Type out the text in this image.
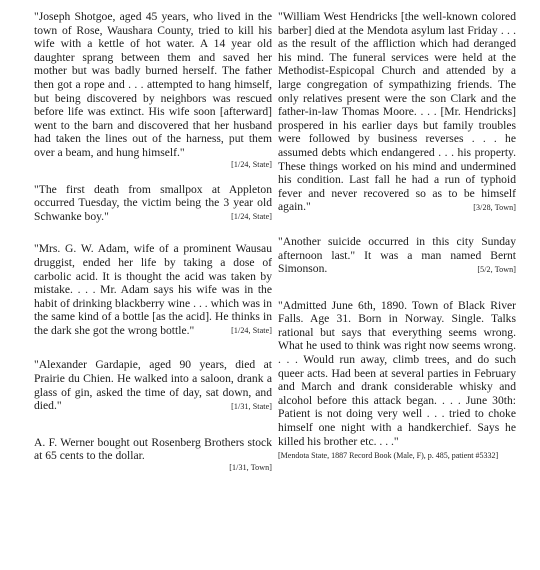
"Joseph Shotgoe, aged 45 years, who lived in the town of Rose, Waushara County, tried to kill his wife with a kettle of hot water. A 14 year old daughter sprang between them and saved her mother but was badly burned herself. The father then got a rope and . . . attempted to hang himself, but being discovered by neighbors was rescued before life was extinct. His wife soon [afterward] went to the barn and discovered that her husband had taken the lines out of the harness, put them over a beam, and hung himself."
[1/24, State]
"The first death from smallpox at Appleton occurred Tuesday, the victim being the 3 year old Schwanke boy."	[1/24, State]
"Mrs. G. W. Adam, wife of a prominent Wausau druggist, ended her life by taking a dose of carbolic acid. It is thought the acid was taken by mistake. . . . Mr. Adam says his wife was in the habit of drinking blackberry wine . . . which was in the same kind of a bottle [as the acid]. He thinks in the dark she got the wrong bottle."	[1/24, State]
"Alexander Gardapie, aged 90 years, died at Prairie du Chien. He walked into a saloon, drank a glass of gin, asked the time of day, sat down, and died."	[1/31, State]
A. F. Werner bought out Rosenberg Brothers stock at 65 cents to the dollar.
[1/31, Town]
"William West Hendricks [the well-known colored barber] died at the Mendota asylum last Friday . . . as the result of the affliction which had deranged his mind. The funeral services were held at the Methodist-Espicopal Church and attended by a large congregation of sympathizing friends. The only relatives present were the son Clark and the father-in-law Thomas Moore. . . . [Mr. Hendricks] prospered in his earlier days but family troubles were followed by business reverses . . . he assumed debts which endangered . . . his property. These things worked on his mind and undermined his condition. Last fall he had a run of typhoid fever and never recovered so as to be himself again."	[3/28, Town]
"Another suicide occurred in this city Sunday afternoon last." It was a man named Bernt Simonson.	[5/2, Town]
"Admitted June 6th, 1890. Town of Black River Falls. Age 31. Born in Norway. Single. Talks rational but says that everything seems wrong. What he used to think was right now seems wrong. . . . Would run away, climb trees, and do such queer acts. Had been at several parties in February and March and drank considerable whisky and alcohol before this attack began. . . . June 30th: Patient is not doing very well . . . tried to choke himself one night with a handkerchief. Says he killed his brother etc. . . ."
[Mendota State, 1887 Record Book (Male, F), p. 485, patient #5332]
